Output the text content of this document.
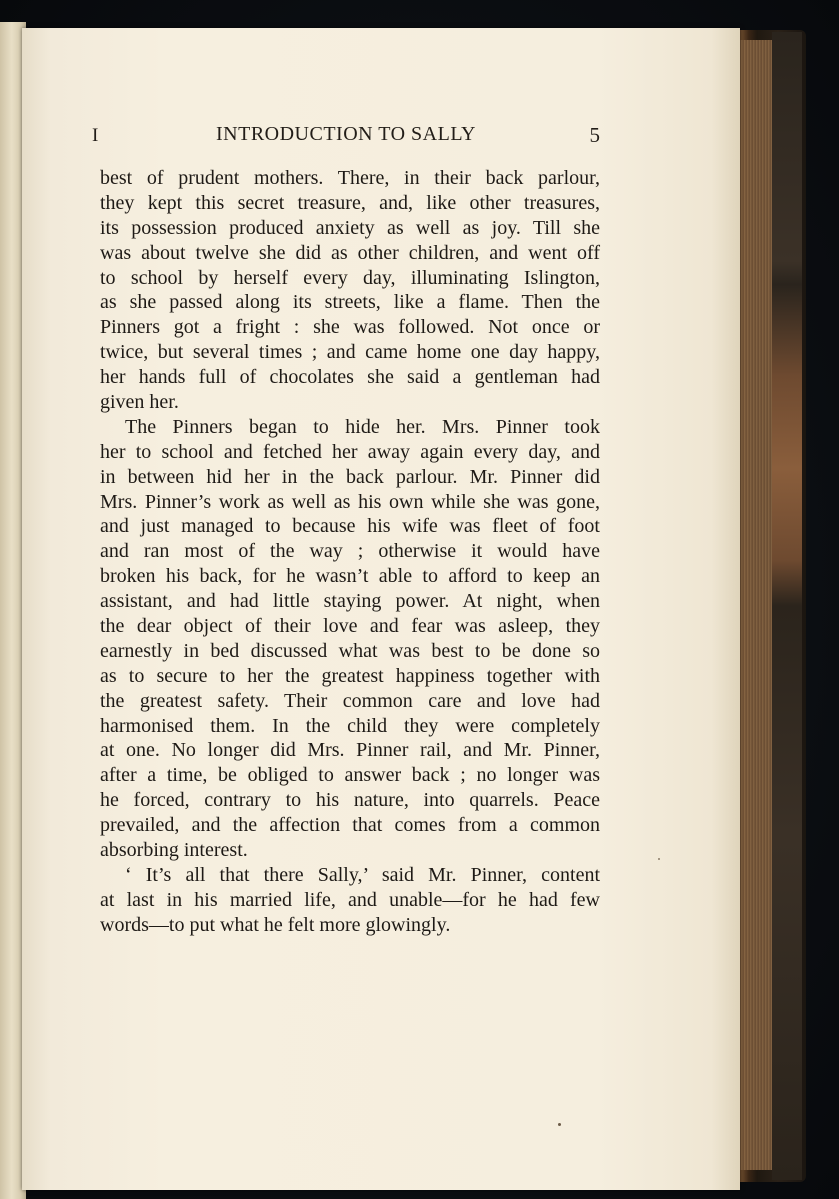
I	INTRODUCTION TO SALLY	5
best of prudent mothers. There, in their back parlour,
they kept this secret treasure, and, like other treasures,
its possession produced anxiety as well as joy. Till she
was about twelve she did as other children, and went off
to school by herself every day, illuminating Islington,
as she passed along its streets, like a flame. Then the
Pinners got a fright : she was followed. Not once or
twice, but several times ; and came home one day happy,
her hands full of chocolates she said a gentleman had
given her.
The Pinners began to hide her. Mrs. Pinner took
her to school and fetched her away again every day, and
in between hid her in the back parlour. Mr. Pinner did
Mrs. Pinner’s work as well as his own while she was gone,
and just managed to because his wife was fleet of foot
and ran most of the way ; otherwise it would have
broken his back, for he wasn’t able to afford to keep an
assistant, and had little staying power. At night, when
the dear object of their love and fear was asleep, they
earnestly in bed discussed what was best to be done so
as to secure to her the greatest happiness together with
the greatest safety. Their common care and love had
harmonised them. In the child they were completely
at one. No longer did Mrs. Pinner rail, and Mr. Pinner,
after a time, be obliged to answer back ; no longer was
he forced, contrary to his nature, into quarrels. Peace
prevailed, and the affection that comes from a common
absorbing interest.
‘ It’s all that there Sally,’ said Mr. Pinner, content
at last in his married life, and unable—for he had few
words—to put what he felt more glowingly.
